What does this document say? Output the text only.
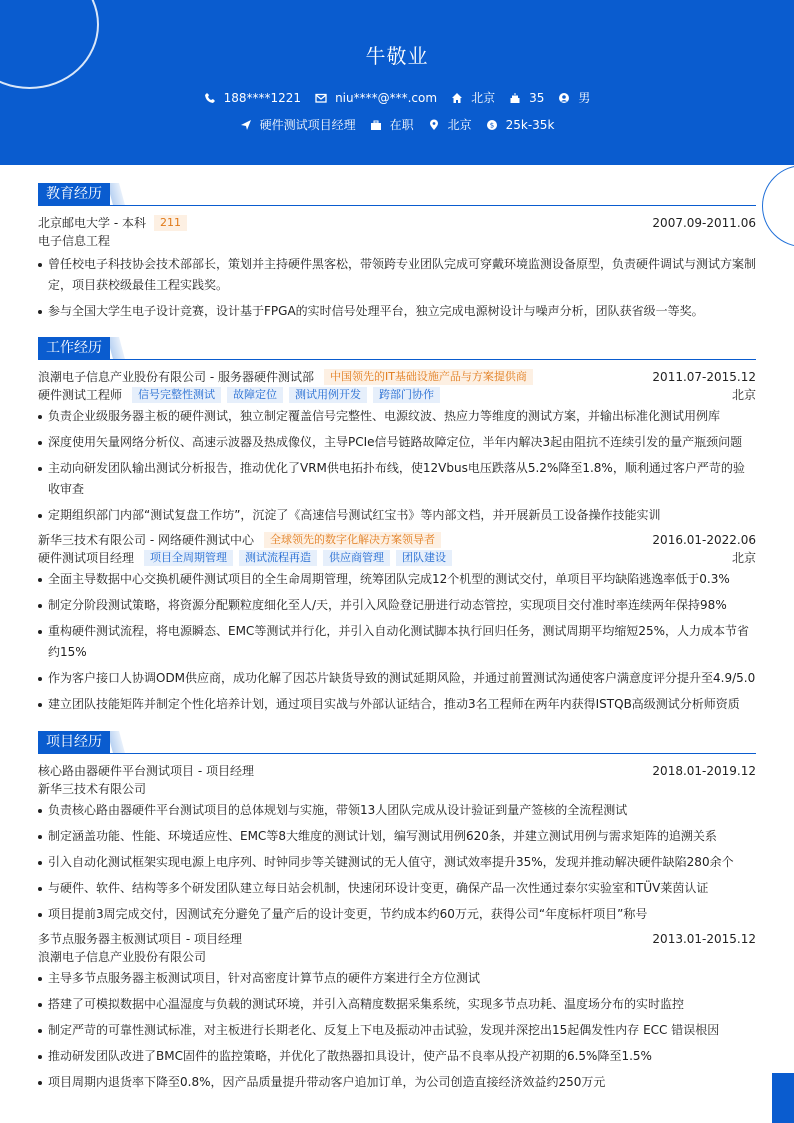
牛敬业
188****1221	niu****@***.com	北京	35	男
硬件测试项目经理	在职	北京	$ 25k-35k
教育经历
北京邮电大学 - 本科	211	2007.09-2011.06
电子信息工程
曾任校电子科技协会技术部部长，策划并主持硬件黑客松，带领跨专业团队完成可穿戴环境监测设备原型，负责硬件调试与测试方案制定，项目获校级最佳工程实践奖。
参与全国大学生电子设计竞赛，设计基于FPGA的实时信号处理平台，独立完成电源树设计与噪声分析，团队获省级一等奖。
工作经历
浪潮电子信息产业股份有限公司 - 服务器硬件测试部	中国领先的IT基础设施产品与方案提供商	2011.07-2015.12
硬件测试工程师	信号完整性测试	故障定位	测试用例开发	跨部门协作	北京
负责企业级服务器主板的硬件测试，独立制定覆盖信号完整性、电源纹波、热应力等维度的测试方案，并输出标准化测试用例库
深度使用矢量网络分析仪、高速示波器及热成像仪，主导PCIe信号链路故障定位，半年内解决3起由阻抗不连续引发的量产瓶颈问题
主动向研发团队输出测试分析报告，推动优化了VRM供电拓扑布线，使12Vbus电压跌落从5.2%降至1.8%，顺利通过客户严苛的验收审查
定期组织部门内部“测试复盘工作坊”，沉淀了《高速信号测试红宝书》等内部文档，并开展新员工设备操作技能实训
新华三技术有限公司 - 网络硬件测试中心	全球领先的数字化解决方案领导者	2016.01-2022.06
硬件测试项目经理	项目全周期管理	测试流程再造	供应商管理	团队建设	北京
全面主导数据中心交换机硬件测试项目的全生命周期管理，统筹团队完成12个机型的测试交付，单项目平均缺陷逃逸率低于0.3%
制定分阶段测试策略，将资源分配颗粒度细化至人/天，并引入风险登记册进行动态管控，实现项目交付准时率连续两年保持98%
重构硬件测试流程，将电源瞬态、EMC等测试并行化，并引入自动化测试脚本执行回归任务，测试周期平均缩短25%，人力成本节省约15%
作为客户接口人协调ODM供应商，成功化解了因芯片缺货导致的测试延期风险，并通过前置测试沟通使客户满意度评分提升至4.9/5.0
建立团队技能矩阵并制定个性化培养计划，通过项目实战与外部认证结合，推动3名工程师在两年内获得ISTQB高级测试分析师资质
项目经历
核心路由器硬件平台测试项目 - 项目经理	2018.01-2019.12
新华三技术有限公司
负责核心路由器硬件平台测试项目的总体规划与实施，带领13人团队完成从设计验证到量产签核的全流程测试
制定涵盖功能、性能、环境适应性、EMC等8大维度的测试计划，编写测试用例620条，并建立测试用例与需求矩阵的追溯关系
引入自动化测试框架实现电源上电序列、时钟同步等关键测试的无人值守，测试效率提升35%，发现并推动解决硬件缺陷280余个
与硬件、软件、结构等多个研发团队建立每日站会机制，快速闭环设计变更，确保产品一次性通过泰尔实验室和TÜV莱茵认证
项目提前3周完成交付，因测试充分避免了量产后的设计变更，节约成本约60万元，获得公司“年度标杆项目”称号
多节点服务器主板测试项目 - 项目经理	2013.01-2015.12
浪潮电子信息产业股份有限公司
主导多节点服务器主板测试项目，针对高密度计算节点的硬件方案进行全方位测试
搭建了可模拟数据中心温湿度与负载的测试环境，并引入高精度数据采集系统，实现多节点功耗、温度场分布的实时监控
制定严苛的可靠性测试标准，对主板进行长期老化、反复上下电及振动冲击试验，发现并深挖出15起偶发性内存 ECC 错误根因
推动研发团队改进了BMC固件的监控策略，并优化了散热器扣具设计，使产品不良率从投产初期的6.5%降至1.5%
项目周期内退货率下降至0.8%，因产品质量提升带动客户追加订单，为公司创造直接经济效益约250万元
